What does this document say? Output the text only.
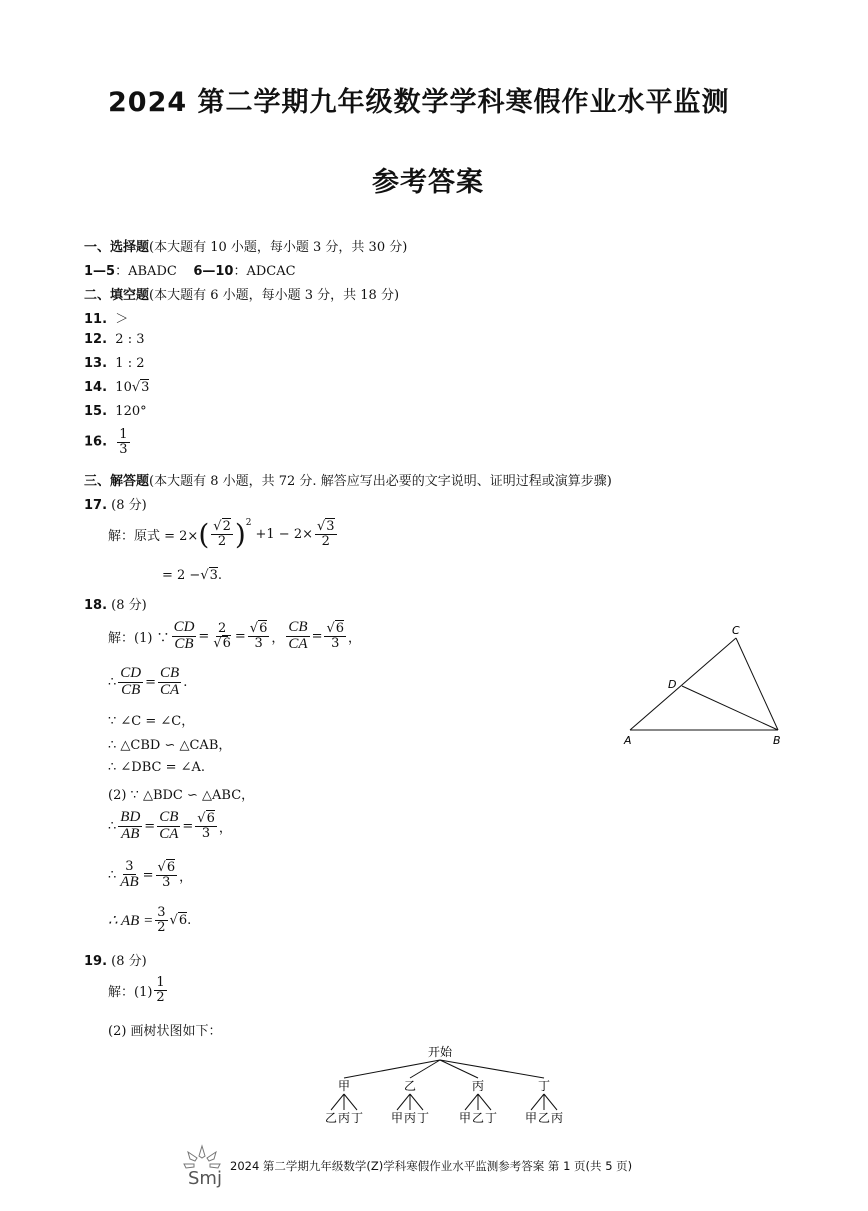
2024 第二学期九年级数学学科寒假作业水平监测
参考答案
一、选择题(本大题有 10 小题，每小题 3 分，共 30 分)
1—5：ABADC 6—10：ADCAC
二、填空题(本大题有 6 小题，每小题 3 分，共 18 分)
11. ＞
12. 2 : 3
13. 1 : 2
14. 10√3
15. 120°
16. $\frac{1}{3}$
三、解答题(本大题有 8 小题，共 72 分. 解答应写出必要的文字说明、证明过程或演算步骤)
17. (8 分)
解：原式 = 2× ( $\frac{√2}{2} )^2$
$+1 - 2\times \frac{√3}{2}$
= 2 −√3.
18. (8 分)
解：(1) ∵ $\frac{CD}{CB} = \frac{2}{√6} = \frac{√6}{3}$ ， $\frac{CB}{CA} = \frac{√6}{3}$ ，
∴ $\frac{CD}{CB} = \frac{CB}{CA}$ .
∵ ∠C = ∠C，
∴ △CBD ∽ △CAB，
∴ ∠DBC = ∠A.
(2) ∵ △BDC ∽ △ABC，
∴ $\frac{BD}{AB} = \frac{CB}{CA} = \frac{√6}{3}$ ，
∴ $\frac{3}{AB} = \frac{√6}{3}$ ，
∴ AB = $\frac{3}{2}$ √ 6 .
A	B
C
D
19. (8 分)
解：$(1) \frac{1}{2}$
(2) 画树状图如下：
开始
甲
乙 丙 丁
乙
甲 丙 丁
丙
甲 乙 丁
丁
甲 乙 丙
Smj
2024 第二学期九年级数学(Z)学科寒假作业水平监测参考答案 第 1 页(共 5 页)
